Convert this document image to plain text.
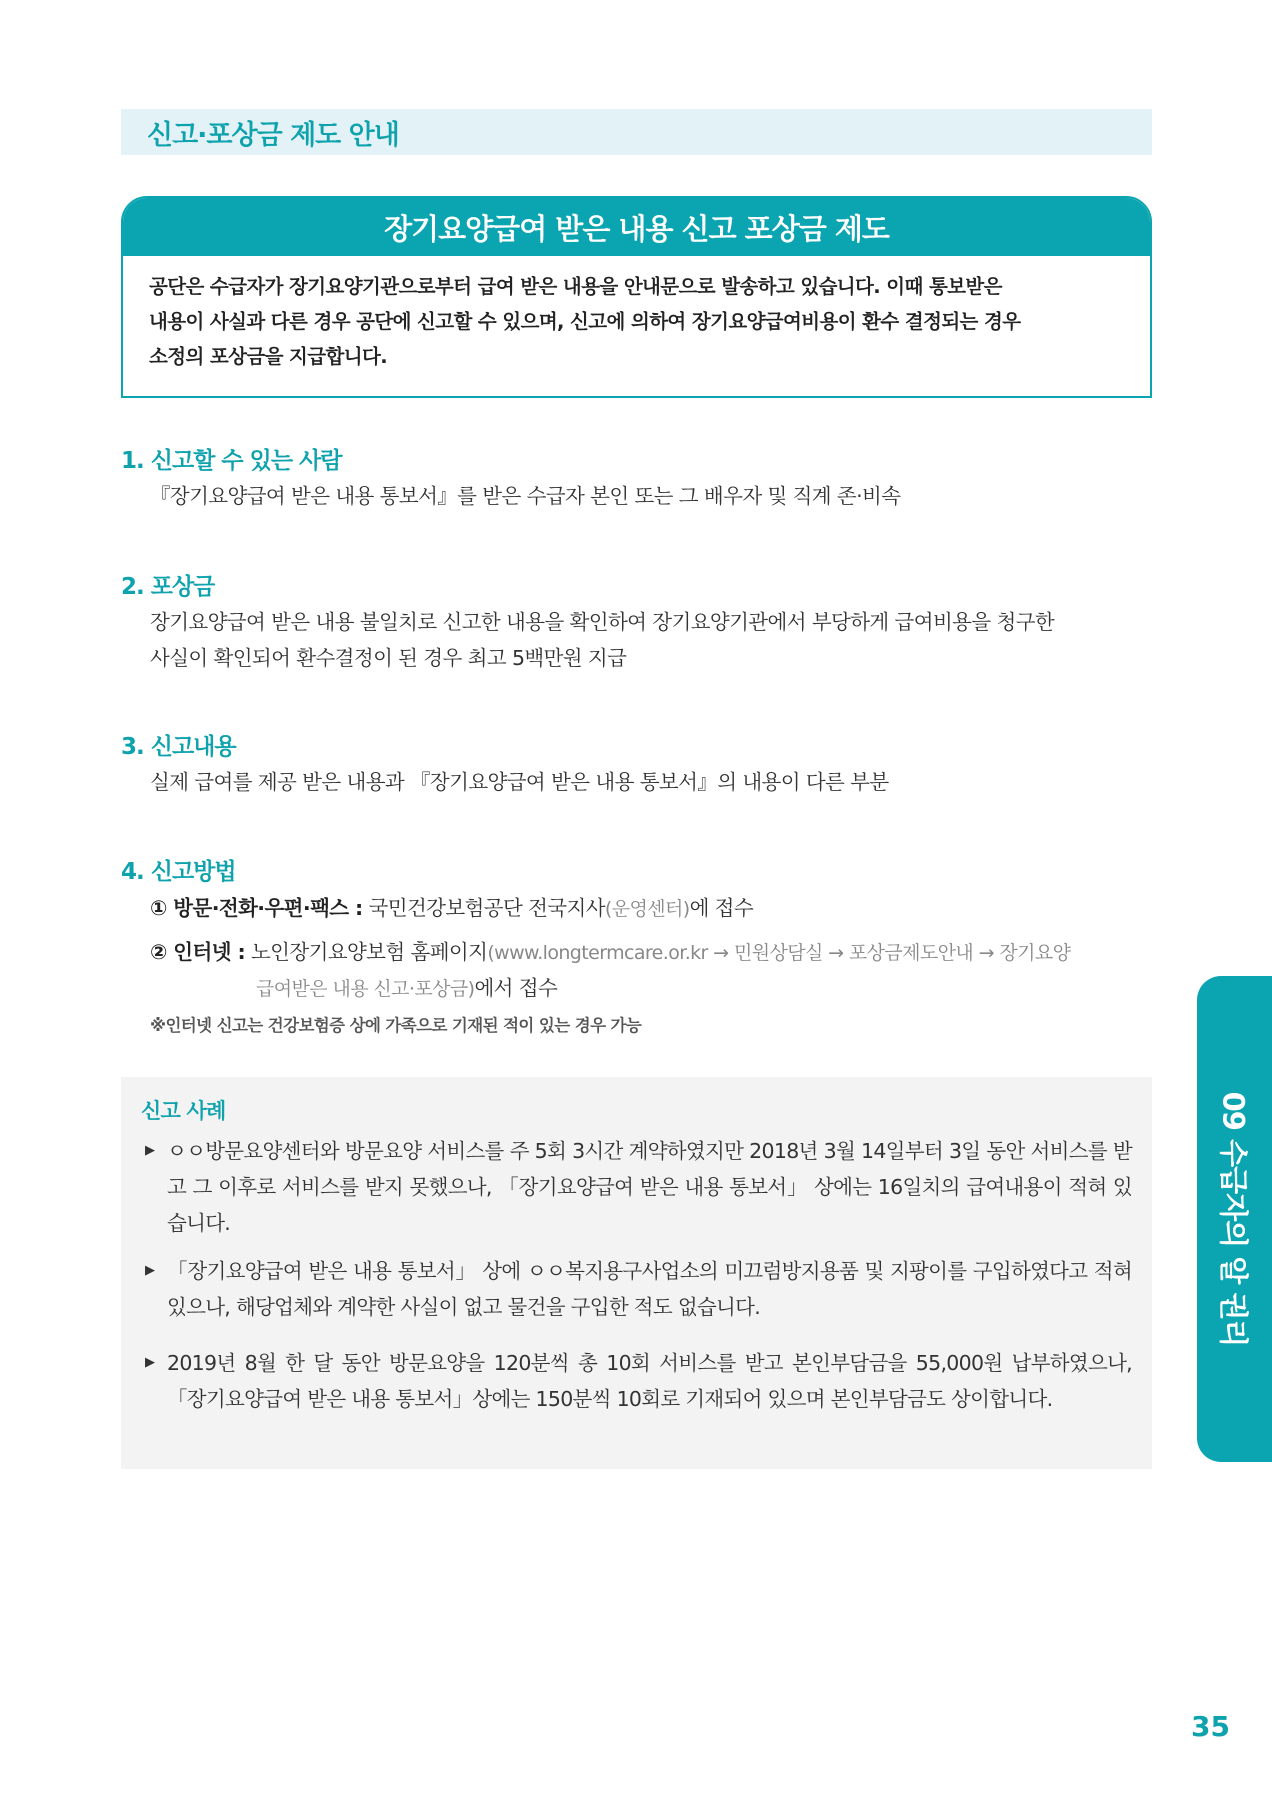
신고·포상금 제도 안내
장기요양급여 받은 내용 신고 포상금 제도
공단은 수급자가 장기요양기관으로부터 급여 받은 내용을 안내문으로 발송하고 있습니다. 이때 통보받은
내용이 사실과 다른 경우 공단에 신고할 수 있으며, 신고에 의하여 장기요양급여비용이 환수 결정되는 경우
소정의 포상금을 지급합니다.
1. 신고할 수 있는 사람
『장기요양급여 받은 내용 통보서』를 받은 수급자 본인 또는 그 배우자 및 직계 존·비속
2. 포상금
장기요양급여 받은 내용 불일치로 신고한 내용을 확인하여 장기요양기관에서 부당하게 급여비용을 청구한
사실이 확인되어 환수결정이 된 경우 최고 5백만원 지급
3. 신고내용
실제 급여를 제공 받은 내용과 『장기요양급여 받은 내용 통보서』의 내용이 다른 부분
4. 신고방법
① 방문·전화·우편·팩스 : 국민건강보험공단 전국지사(운영센터)에 접수
② 인터넷 : 노인장기요양보험 홈페이지(www.longtermcare.or.kr → 민원상담실 → 포상금제도안내 → 장기요양
급여받은 내용 신고·포상금)에서 접수
※인터넷 신고는 건강보험증 상에 가족으로 기재된 적이 있는 경우 가능
신고 사례
▶ ㅇㅇ방문요양센터와 방문요양 서비스를 주 5회 3시간 계약하였지만 2018년 3월 14일부터 3일 동안 서비스를 받고 그 이후로 서비스를 받지 못했으나, 「장기요양급여 받은 내용 통보서」 상에는 16일치의 급여내용이 적혀 있습니다.
▶ 「장기요양급여 받은 내용 통보서」 상에 ㅇㅇ복지용구사업소의 미끄럼방지용품 및 지팡이를 구입하였다고 적혀있으나, 해당업체와 계약한 사실이 없고 물건을 구입한 적도 없습니다.
▶ 2019년 8월 한 달 동안 방문요양을 120분씩 총 10회 서비스를 받고 본인부담금을 55,000원 납부하였으나, 「장기요양급여 받은 내용 통보서」상에는 150분씩 10회로 기재되어 있으며 본인부담금도 상이합니다.
09 수급자의 알 권리
35
